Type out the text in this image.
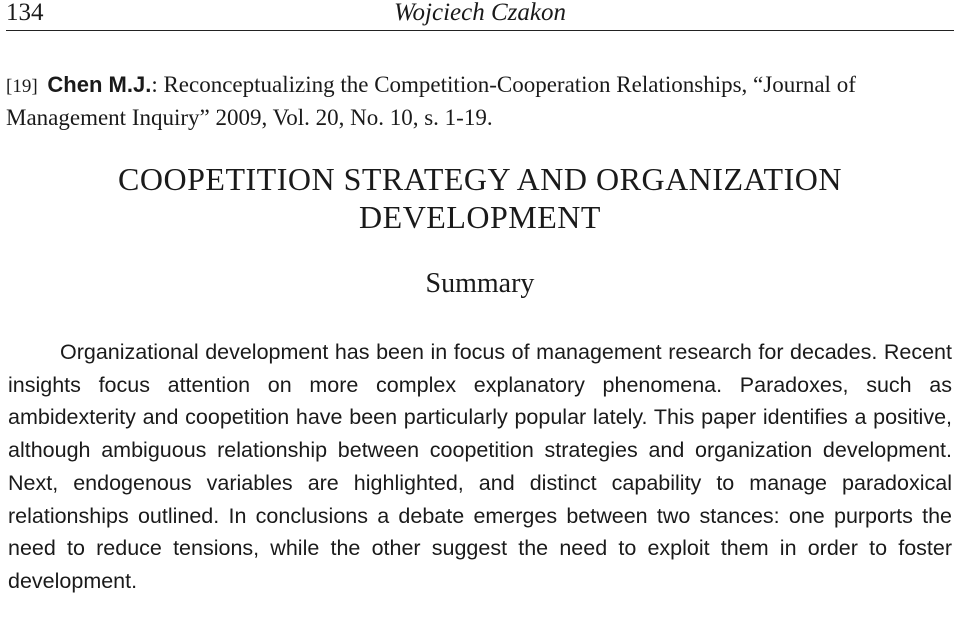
134	Wojciech Czakon
[19] Chen M.J.: Reconceptualizing the Competition-Cooperation Relationships, “Journal of Management Inquiry” 2009, Vol. 20, No. 10, s. 1-19.
COOPETITION STRATEGY AND ORGANIZATION DEVELOPMENT
Summary

Organizational development has been in focus of management research for decades. Recent insights focus attention on more complex explanatory phenomena. Paradoxes, such as ambidexterity and coopetition have been particularly popular lately. This paper identifies a positive, although ambiguous relationship between coopetition strategies and organization development. Next, endogenous variables are highlighted, and distinct capability to manage paradoxical relationships outlined. In conclusions a debate emerges between two stances: one purports the need to reduce tensions, while the other suggest the need to exploit them in order to foster development.
